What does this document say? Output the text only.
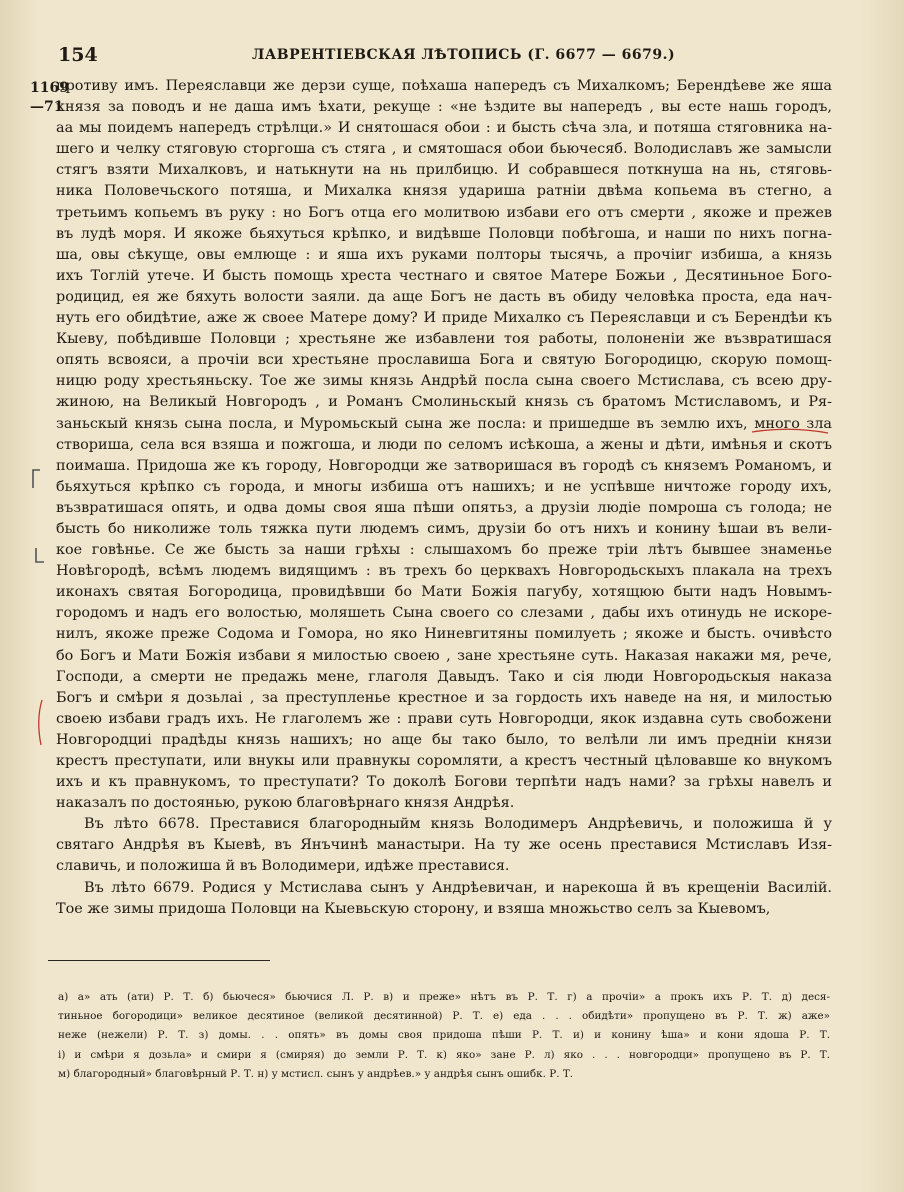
154	ЛАВРЕНТІЕВСКАЯ ЛѢТОПИСЬ (Г. 6677 — 6679.)
1169
—71
противу имъ. Переяславци же дерзи суще, поѣхаша напередъ съ Михалкомъ; Берендѣеве же яша
князя за поводъ и не даша имъ ѣхати, рекуще : «не ѣздите вы напередъ , вы есте нашь городъ,
аа мы поидемъ напередъ стрѣлци.» И снятошася обои : и бысть сѣча зла, и потяша стяговника на-
шего и челку стяговую сторгоша съ стяга , и смятошася обои бьючесяб. Володиславъ же замысли
стягъ взяти Михалковъ, и натькнути на нь прилбицю. И собравшеся поткнуша на нь, стяговь-
ника Половечьского потяша, и Михалка князя удариша ратнiи двѣма копьема въ стегно, а
третьимъ копьемъ въ руку : но Богъ отца его молитвою избави его отъ смерти , якоже и прежев
въ лудѣ моря. И якоже бьяхуться крѣпко, и видѣвше Половци побѣгоша, и наши по нихъ погна-
ша, овы сѣкуще, овы емлюще : и яша ихъ руками полторы тысячь, а прочiиг избиша, а князь
ихъ Тоглiй утече. И бысть помощь хреста честнаго и святое Матере Божьи , Десятиньное Бого-
родицид, ея же бяхуть волости заяли. да аще Богъ не дасть въ обиду человѣка проста, еда нач-
нуть его обидѣтие, аже ж своее Матере дому? И приде Михалко съ Переяславци и съ Берендѣи къ
Кыеву, побѣдивше Половци ; хрестьяне же избавлени тоя работы, полоненiи же възвратишася
опять всвояси, а прочiи вси хрестьяне прославиша Бога и святую Богородицю, скорую помощ-
ницю роду хрестьяньску. Тое же зимы князь Андрѣй посла сына своего Мстислава, съ всею дру-
жиною, на Великый Новгородъ , и Романъ Смолиньскый князь съ братомъ Мстиславомъ, и Ря-
заньскый князь сына посла, и Муромьскый сына же посла: и пришедше въ землю ихъ, много зла
створиша, села вся взяша и пожгоша, и люди по селомъ исѣкоша, а жены и дѣти, имѣнья и скотъ
поимаша. Придоша же къ городу, Новгородци же затворишася въ городѣ съ княземъ Романомъ, и
бьяхуться крѣпко съ города, и многы избиша отъ нашихъ; и не успѣвше ничтоже городу ихъ,
възвратишася опять, и одва домы своя яша пѣши опятьз, а друзiи людiе помроша съ голода; не
бысть бо николиже толь тяжка пути людемъ симъ, друзiи бо отъ нихъ и конину ѣшаи въ вели-
кое говѣнье. Се же бысть за наши грѣхы : слышахомъ бо преже трiи лѣтъ бывшее знаменье
Новѣгородѣ, всѣмъ людемъ видящимъ : въ трехъ бо церквахъ Новгородьскыхъ плакала на трехъ
иконахъ святая Богородица, провидѣвши бо Мати Божiя пагубу, хотящюю быти надъ Новымъ-
городомъ и надъ его волостью, моляшеть Сына своего со слезами , дабы ихъ отинудь не искоре-
нилъ, якоже преже Содома и Гомора, но яко Ниневгитяны помилуеть ; якоже и бысть. очивѣсто
бо Богъ и Мати Божiя избави я милостью своею , зане хрестьяне суть. Наказая накажи мя, рече,
Господи, а смерти не предажь мене, глаголя Давыдъ. Тако и сiя люди Новгородьскыя наказа
Богъ и смѣри я дозьлаi , за преступленье крестное и за гордость ихъ наведе на ня, и милостью
своею избави градъ ихъ. Не глаголемъ же : прави суть Новгородци, якок издавна суть свобожени
Новгородциi прадѣды князь нашихъ; но аще бы тако было, то велѣли ли имъ преднiи князи
крестъ преступати, или внукы или правнукы соромляти, а крестъ честный цѣловавше ко внукомъ
ихъ и къ правнукомъ, то преступати? То доколѣ Богови терпѣти надъ нами? за грѣхы навелъ и
наказалъ по достоянью, рукою благовѣрнаго князя Андрѣя.
Въ лѣто 6678. Преставися благородныйм князь Володимеръ Андрѣевичь, и положиша й у
святаго Андрѣя въ Кыевѣ, въ Янъчинѣ манастыри. На ту же осень преставися Мстиславъ Изя-
славичь, и положиша й въ Володимери, идѣже преставися.
Въ лѣто 6679. Родися у Мстислава сынъ у Андрѣевичан, и нарекоша й въ крещенiи Василiй.
Тое же зимы придоша Половци на Кыевьскую сторону, и взяша множьство селъ за Кыевомъ,
а) а» ать (ати) Р. Т. б) бьючеся» бьючися Л. Р. в) и преже» нѣтъ въ Р. Т. г) а прочiи» а прокъ ихъ Р. Т. д) деся-
тиньное богородици» великое десятиное (великой десятинной) Р. Т. е) еда . . . обидѣти» пропущено въ Р. Т. ж) аже»
неже (нежели) Р. Т. з) домы. . . опять» въ домы своя придоша пѣши Р. Т. и) и конину ѣша» и кони ядоша Р. Т.
i) и смѣри я дозьла» и смири я (смиряя) до земли Р. Т. к) яко» зане Р. л) яко . . . новгородци» пропущено въ Р. Т.
м) благородный» благовѣрный Р. Т. н) у мстисл. сынъ у андрѣев.» у андрѣя сынъ ошибк. Р. Т.
